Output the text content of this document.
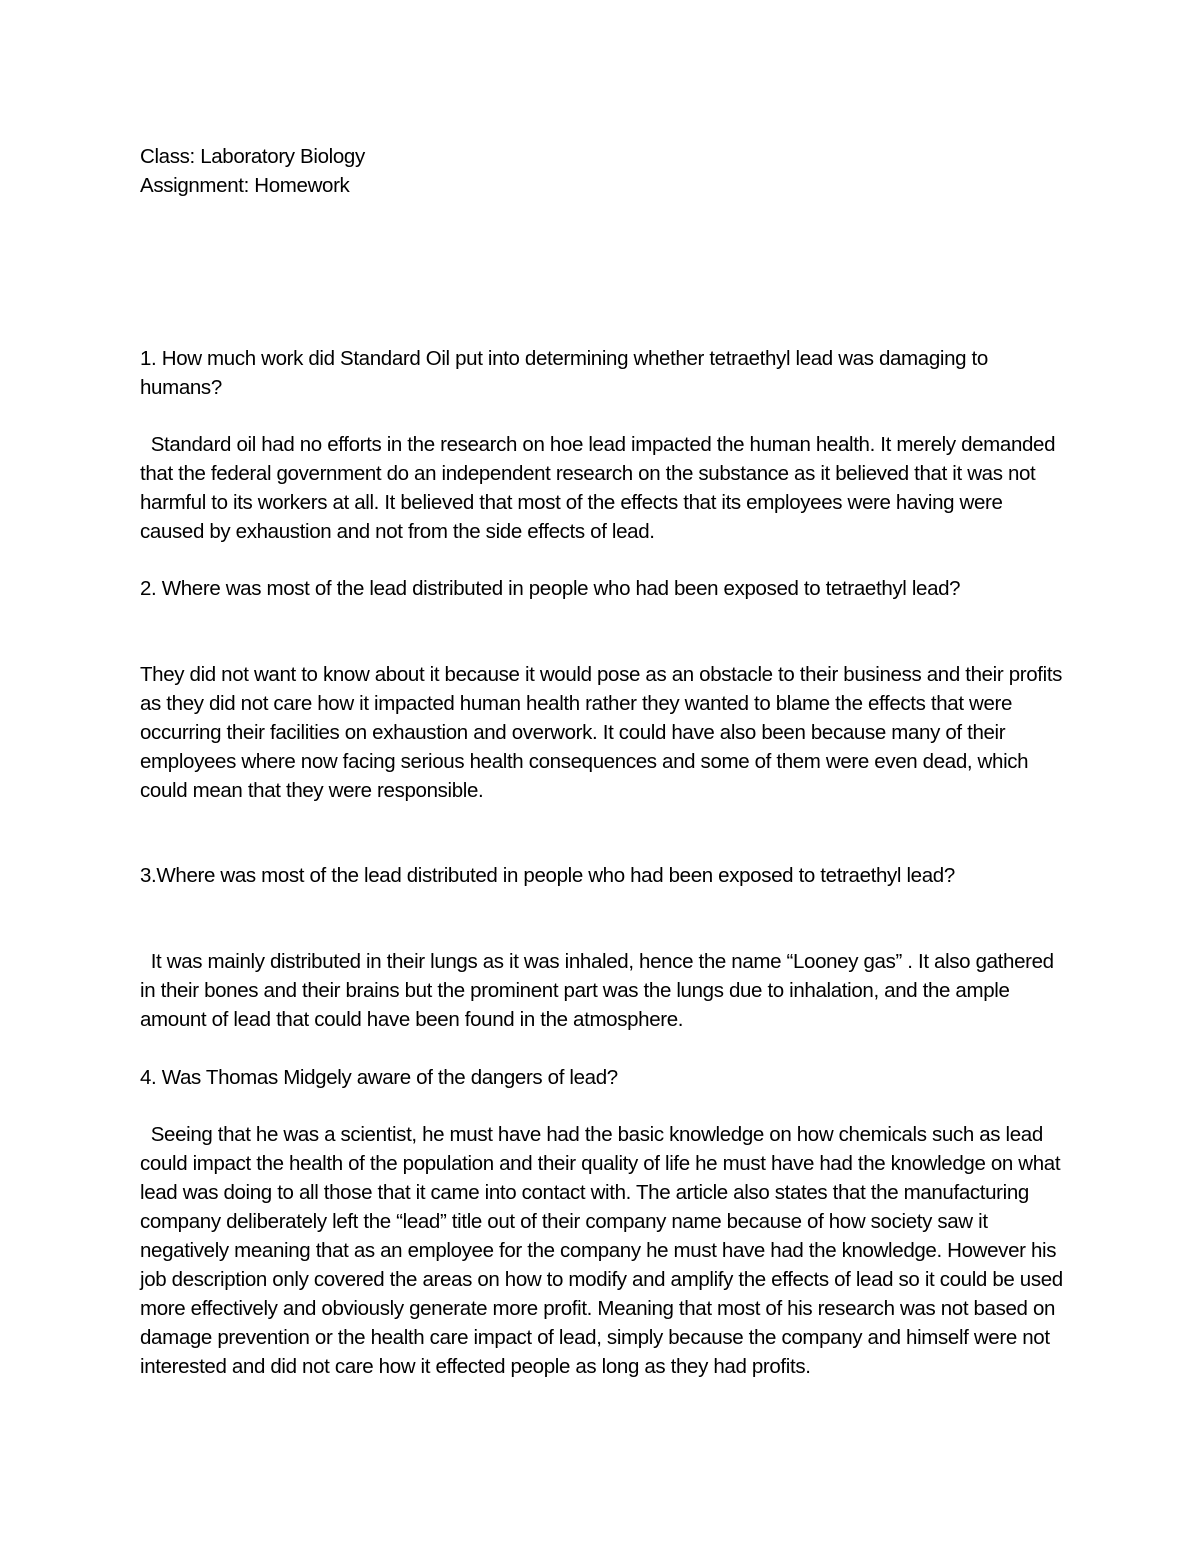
Class: Laboratory Biology

Assignment: Homework

1. How much work did Standard Oil put into determining whether tetraethyl lead was damaging to humans?

Standard oil had no efforts in the research on hoe lead impacted the human health. It merely demanded that the federal government do an independent research on the substance as it believed that it was not harmful to its workers at all. It believed that most of the effects that its employees were having were caused by exhaustion and not from the side effects of lead.

2. Where was most of the lead distributed in people who had been exposed to tetraethyl lead?

They did not want to know about it because it would pose as an obstacle to their business and their profits as they did not care how it impacted human health rather they wanted to blame the effects that were occurring their facilities on exhaustion and overwork. It could have also been because many of their employees where now facing serious health consequences and some of them were even dead, which could mean that they were responsible.

3.Where was most of the lead distributed in people who had been exposed to tetraethyl lead?

It was mainly distributed in their lungs as it was inhaled, hence the name “Looney gas” . It also gathered in their bones and their brains but the prominent part was the lungs due to inhalation, and the ample amount of lead that could have been found in the atmosphere.

4. Was Thomas Midgely aware of the dangers of lead?

Seeing that he was a scientist, he must have had the basic knowledge on how chemicals such as lead could impact the health of the population and their quality of life he must have had the knowledge on what lead was doing to all those that it came into contact with. The article also states that the manufacturing company deliberately left the “lead” title out of their company name because of how society saw it negatively meaning that as an employee for the company he must have had the knowledge. However his job description only covered the areas on how to modify and amplify the effects of lead so it could be used more effectively and obviously generate more profit. Meaning that most of his research was not based on damage prevention or the health care impact of lead, simply because the company and himself were not interested and did not care how it effected people as long as they had profits.
